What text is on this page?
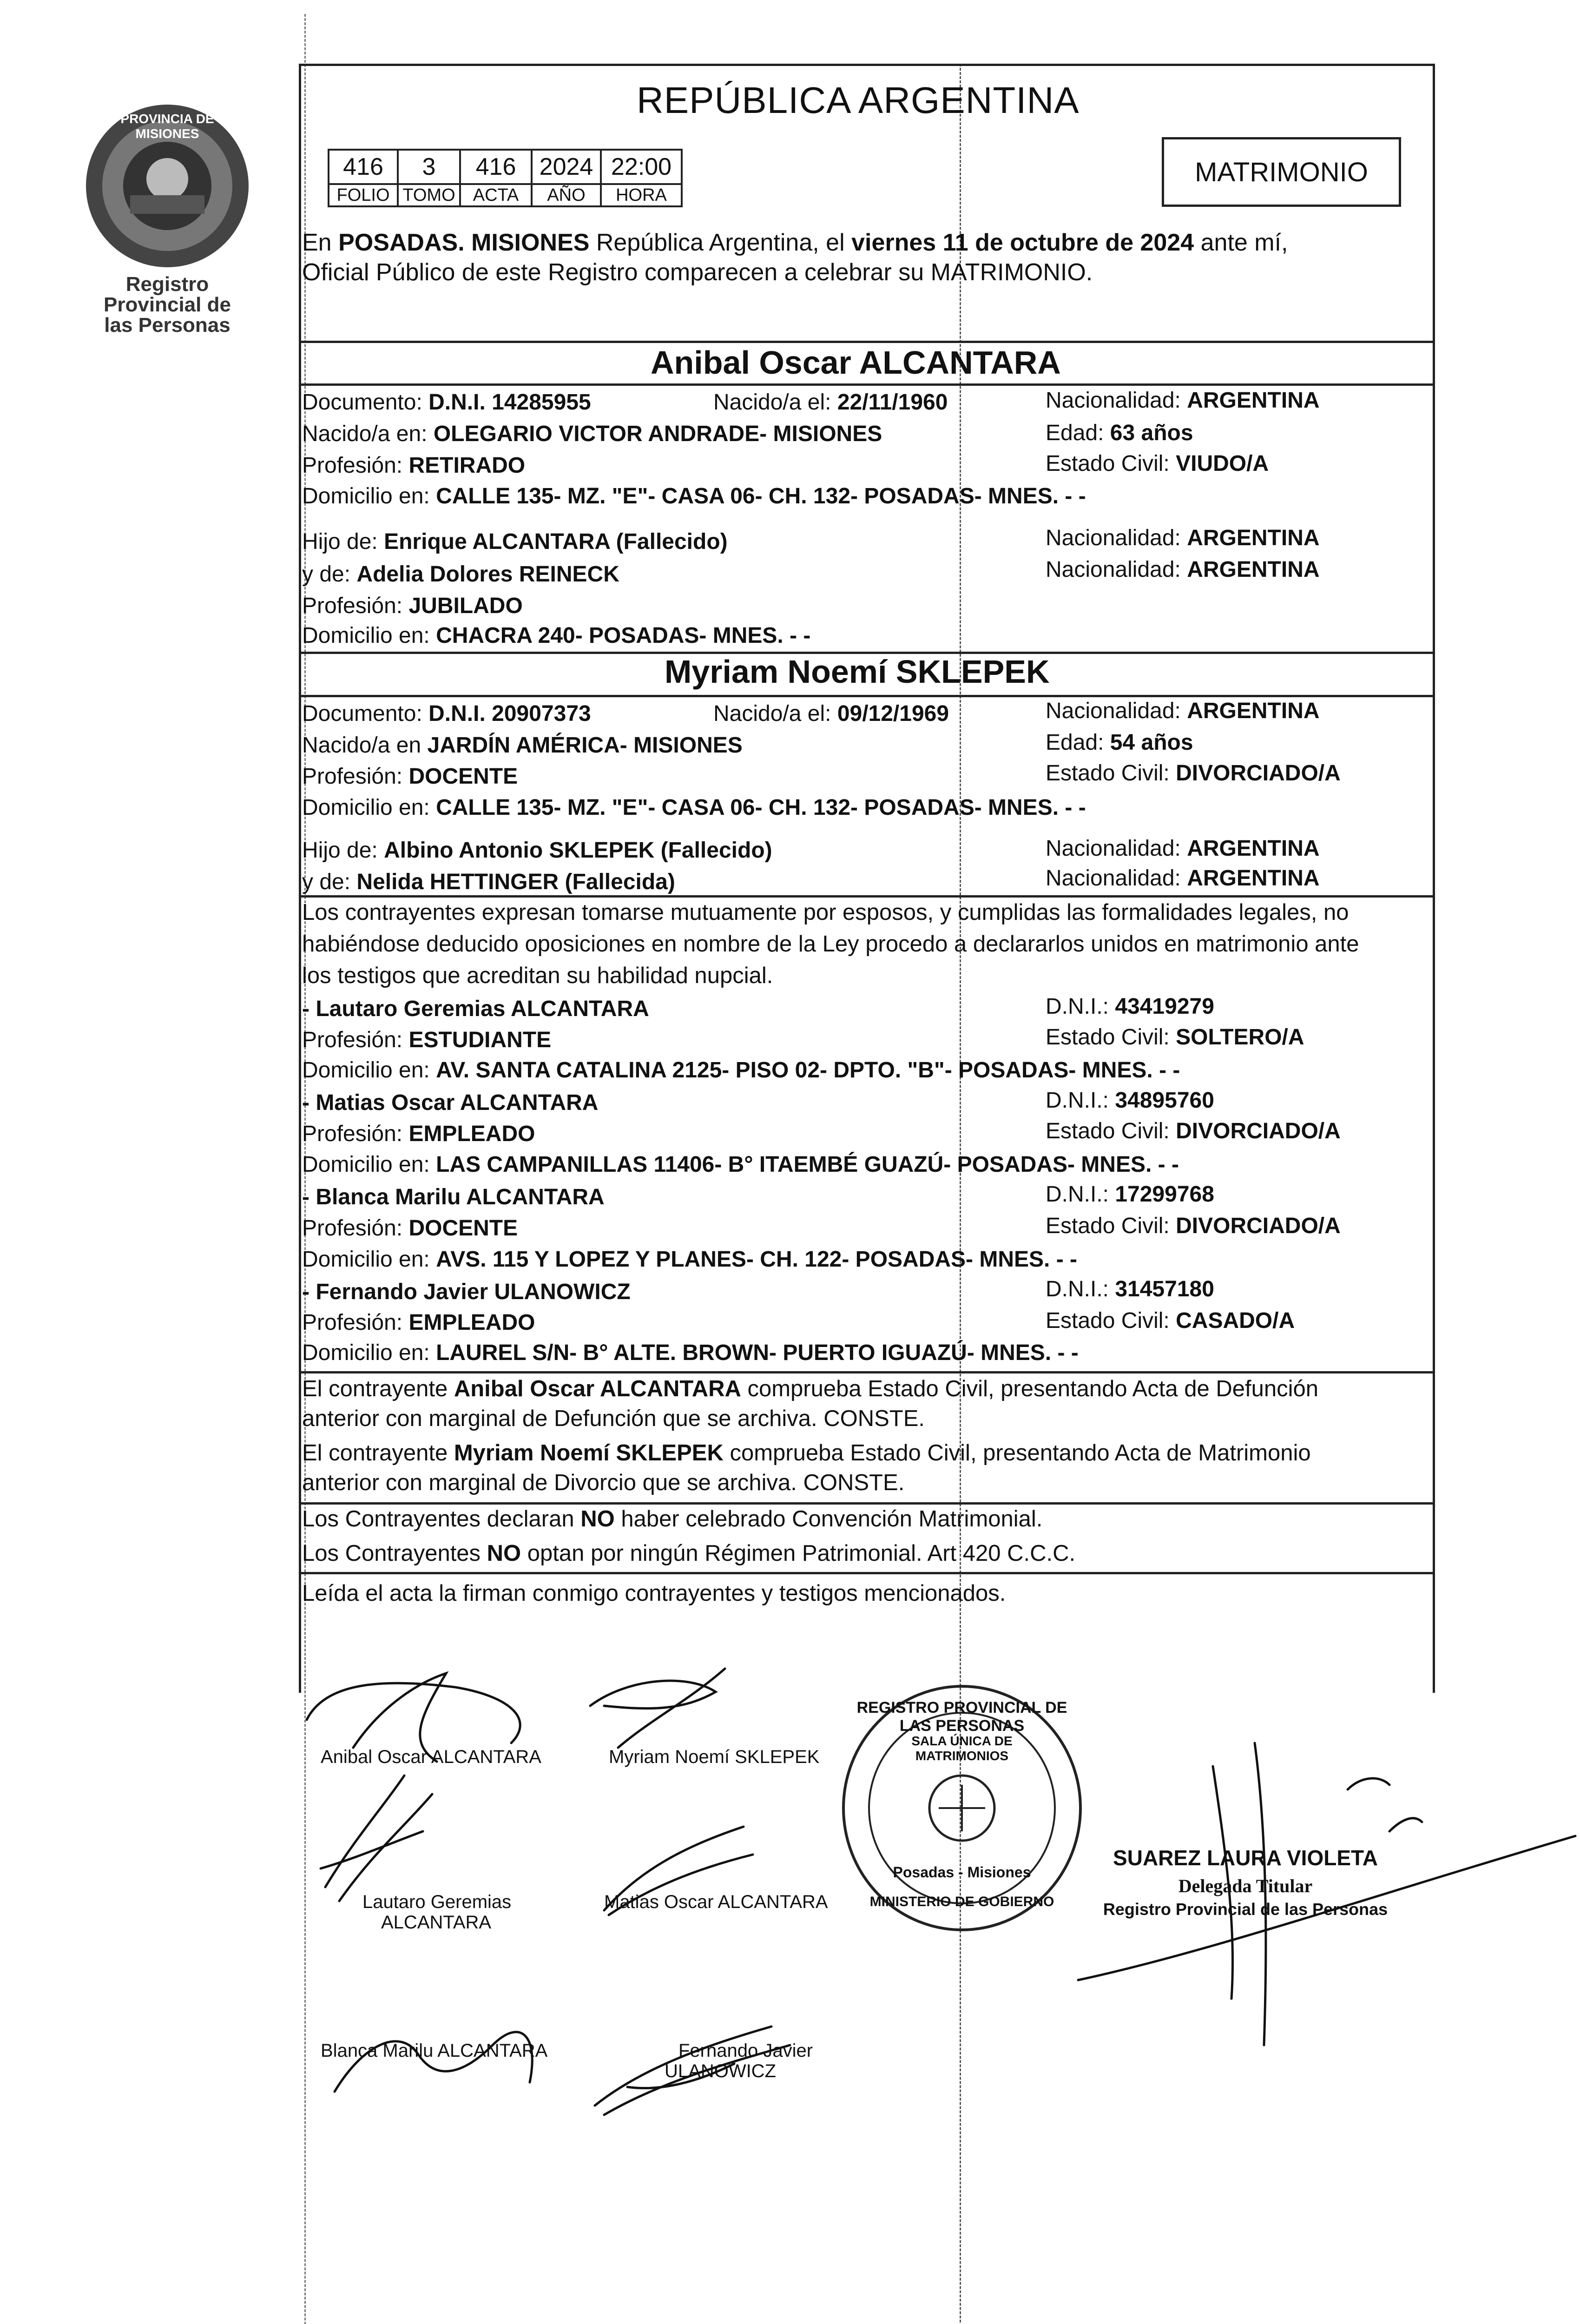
PROVINCIA DE MISIONES
Registro Provincial de las Personas
REPÚBLICA ARGENTINA
416	3	416	2024	22:00
FOLIO	TOMO	ACTA	AÑO	HORA
MATRIMONIO
En POSADAS. MISIONES República Argentina, el viernes 11 de octubre de 2024 ante mí,
Oficial Público de este Registro comparecen a celebrar su MATRIMONIO.
Anibal Oscar ALCANTARA
Documento: D.N.I. 14285955	Nacido/a el: 22/11/1960	Nacionalidad: ARGENTINA
Nacido/a en: OLEGARIO VICTOR ANDRADE- MISIONES	Edad: 63 años
Profesión: RETIRADO	Estado Civil: VIUDO/A
Domicilio en: CALLE 135- MZ. "E"- CASA 06- CH. 132- POSADAS- MNES. - -
Hijo de: Enrique ALCANTARA (Fallecido)	Nacionalidad: ARGENTINA
y de: Adelia Dolores REINECK	Nacionalidad: ARGENTINA
Profesión: JUBILADO
Domicilio en: CHACRA 240- POSADAS- MNES. - -
Myriam Noemí SKLEPEK
Documento: D.N.I. 20907373	Nacido/a el: 09/12/1969	Nacionalidad: ARGENTINA
Nacido/a en JARDÍN AMÉRICA- MISIONES	Edad: 54 años
Profesión: DOCENTE	Estado Civil: DIVORCIADO/A
Domicilio en: CALLE 135- MZ. "E"- CASA 06- CH. 132- POSADAS- MNES. - -
Hijo de: Albino Antonio SKLEPEK (Fallecido)	Nacionalidad: ARGENTINA
y de: Nelida HETTINGER (Fallecida)	Nacionalidad: ARGENTINA
Los contrayentes expresan tomarse mutuamente por esposos, y cumplidas las formalidades legales, no
habiéndose deducido oposiciones en nombre de la Ley procedo a declararlos unidos en matrimonio ante
los testigos que acreditan su habilidad nupcial.
- Lautaro Geremias ALCANTARA	D.N.I.: 43419279
Profesión: ESTUDIANTE	Estado Civil: SOLTERO/A
Domicilio en: AV. SANTA CATALINA 2125- PISO 02- DPTO. "B"- POSADAS- MNES. - -
- Matias Oscar ALCANTARA	D.N.I.: 34895760
Profesión: EMPLEADO	Estado Civil: DIVORCIADO/A
Domicilio en: LAS CAMPANILLAS 11406- B° ITAEMBÉ GUAZÚ- POSADAS- MNES. - -
- Blanca Marilu ALCANTARA	D.N.I.: 17299768
Profesión: DOCENTE	Estado Civil: DIVORCIADO/A
Domicilio en: AVS. 115 Y LOPEZ Y PLANES- CH. 122- POSADAS- MNES. - -
- Fernando Javier ULANOWICZ	D.N.I.: 31457180
Profesión: EMPLEADO	Estado Civil: CASADO/A
Domicilio en: LAUREL S/N- B° ALTE. BROWN- PUERTO IGUAZÚ- MNES. - -
El contrayente Anibal Oscar ALCANTARA comprueba Estado Civil, presentando Acta de Defunción
anterior con marginal de Defunción que se archiva. CONSTE.
El contrayente Myriam Noemí SKLEPEK comprueba Estado Civil, presentando Acta de Matrimonio
anterior con marginal de Divorcio que se archiva. CONSTE.
Los Contrayentes declaran NO haber celebrado Convención Matrimonial.
Los Contrayentes NO optan por ningún Régimen Patrimonial. Art 420 C.C.C.
Leída el acta la firman conmigo contrayentes y testigos mencionados.
Anibal Oscar ALCANTARA	Myriam Noemí SKLEPEK
Lautaro Geremias
ALCANTARA
Matias Oscar ALCANTARA
Blanca Marilu ALCANTARA	Fernando Javier
ULANOWICZ
REGISTRO PROVINCIAL DE LAS PERSONAS
SALA ÚNICA DE MATRIMONIOS
Posadas - Misiones
MINISTERIO DE GOBIERNO
SUAREZ LAURA VIOLETA
Delegada Titular
Registro Provincial de las Personas
